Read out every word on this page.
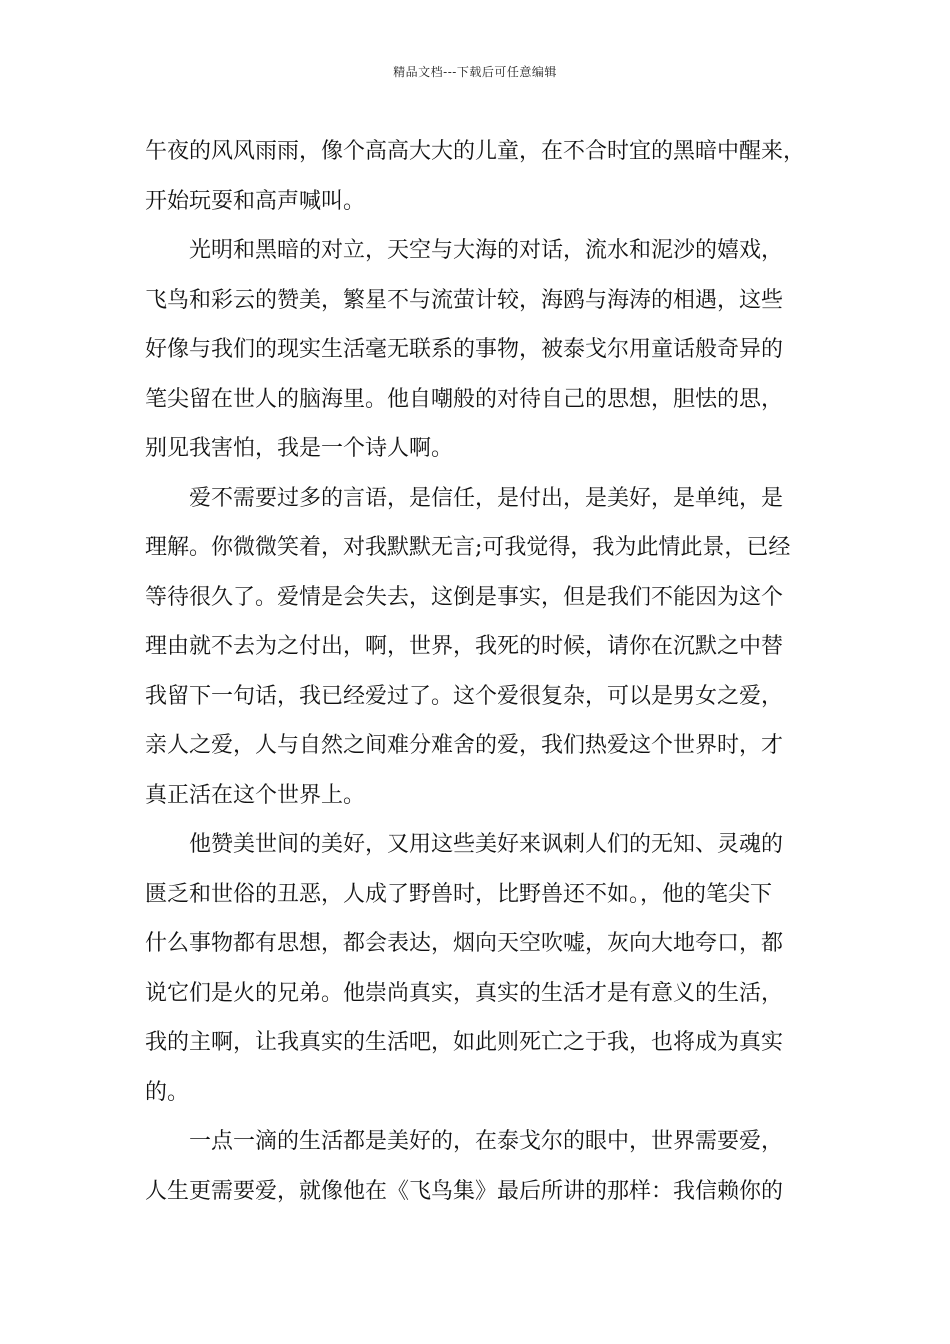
精品文档---下载后可任意编辑

午夜的风风雨雨，像个高高大大的儿童，在不合时宜的黑暗中醒来，
开始玩耍和高声喊叫。

光明和黑暗的对立，天空与大海的对话，流水和泥沙的嬉戏，
飞鸟和彩云的赞美，繁星不与流萤计较，海鸥与海涛的相遇，这些
好像与我们的现实生活毫无联系的事物，被泰戈尔用童话般奇异的
笔尖留在世人的脑海里。他自嘲般的对待自己的思想，胆怯的思，
别见我害怕，我是一个诗人啊。

爱不需要过多的言语，是信任，是付出，是美好，是单纯，是
理解。你微微笑着，对我默默无言;可我觉得，我为此情此景，已经
等待很久了。爱情是会失去，这倒是事实，但是我们不能因为这个
理由就不去为之付出，啊，世界，我死的时候，请你在沉默之中替
我留下一句话，我已经爱过了。这个爱很复杂，可以是男女之爱，
亲人之爱，人与自然之间难分难舍的爱，我们热爱这个世界时，才
真正活在这个世界上。

他赞美世间的美好，又用这些美好来讽刺人们的无知、灵魂的
匮乏和世俗的丑恶，人成了野兽时，比野兽还不如。，他的笔尖下
什么事物都有思想，都会表达，烟向天空吹嘘，灰向大地夸口，都
说它们是火的兄弟。他崇尚真实，真实的生活才是有意义的生活，
我的主啊，让我真实的生活吧，如此则死亡之于我，也将成为真实
的。

一点一滴的生活都是美好的，在泰戈尔的眼中，世界需要爱，
人生更需要爱，就像他在《飞鸟集》最后所讲的那样：我信赖你的
